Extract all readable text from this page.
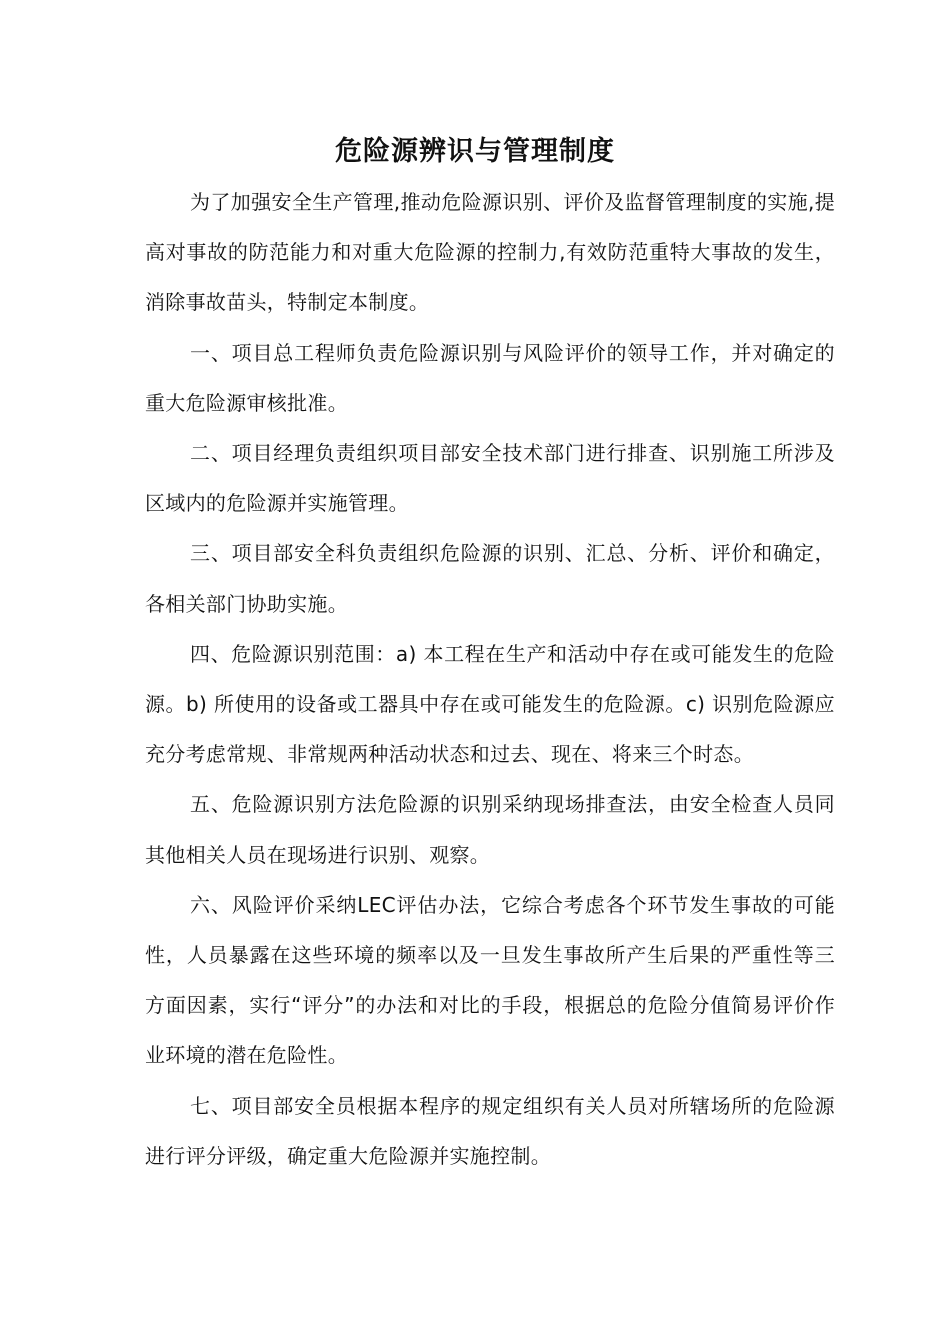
危险源辨识与管理制度

为了加强安全生产管理,推动危险源识别、评价及监督管理制度的实施,提高对事故的防范能力和对重大危险源的控制力,有效防范重特大事故的发生，消除事故苗头，特制定本制度。

一、项目总工程师负责危险源识别与风险评价的领导工作，并对确定的重大危险源审核批准。

二、项目经理负责组织项目部安全技术部门进行排查、识别施工所涉及区域内的危险源并实施管理。

三、项目部安全科负责组织危险源的识别、汇总、分析、评价和确定，各相关部门协助实施。

四、危险源识别范围：a) 本工程在生产和活动中存在或可能发生的危险源。b) 所使用的设备或工器具中存在或可能发生的危险源。c) 识别危险源应充分考虑常规、非常规两种活动状态和过去、现在、将来三个时态。

五、危险源识别方法危险源的识别采纳现场排查法，由安全检查人员同其他相关人员在现场进行识别、观察。

六、风险评价采纳LEC评估办法，它综合考虑各个环节发生事故的可能性，人员暴露在这些环境的频率以及一旦发生事故所产生后果的严重性等三方面因素，实行“评分”的办法和对比的手段，根据总的危险分值简易评价作业环境的潜在危险性。

七、项目部安全员根据本程序的规定组织有关人员对所辖场所的危险源进行评分评级，确定重大危险源并实施控制。
